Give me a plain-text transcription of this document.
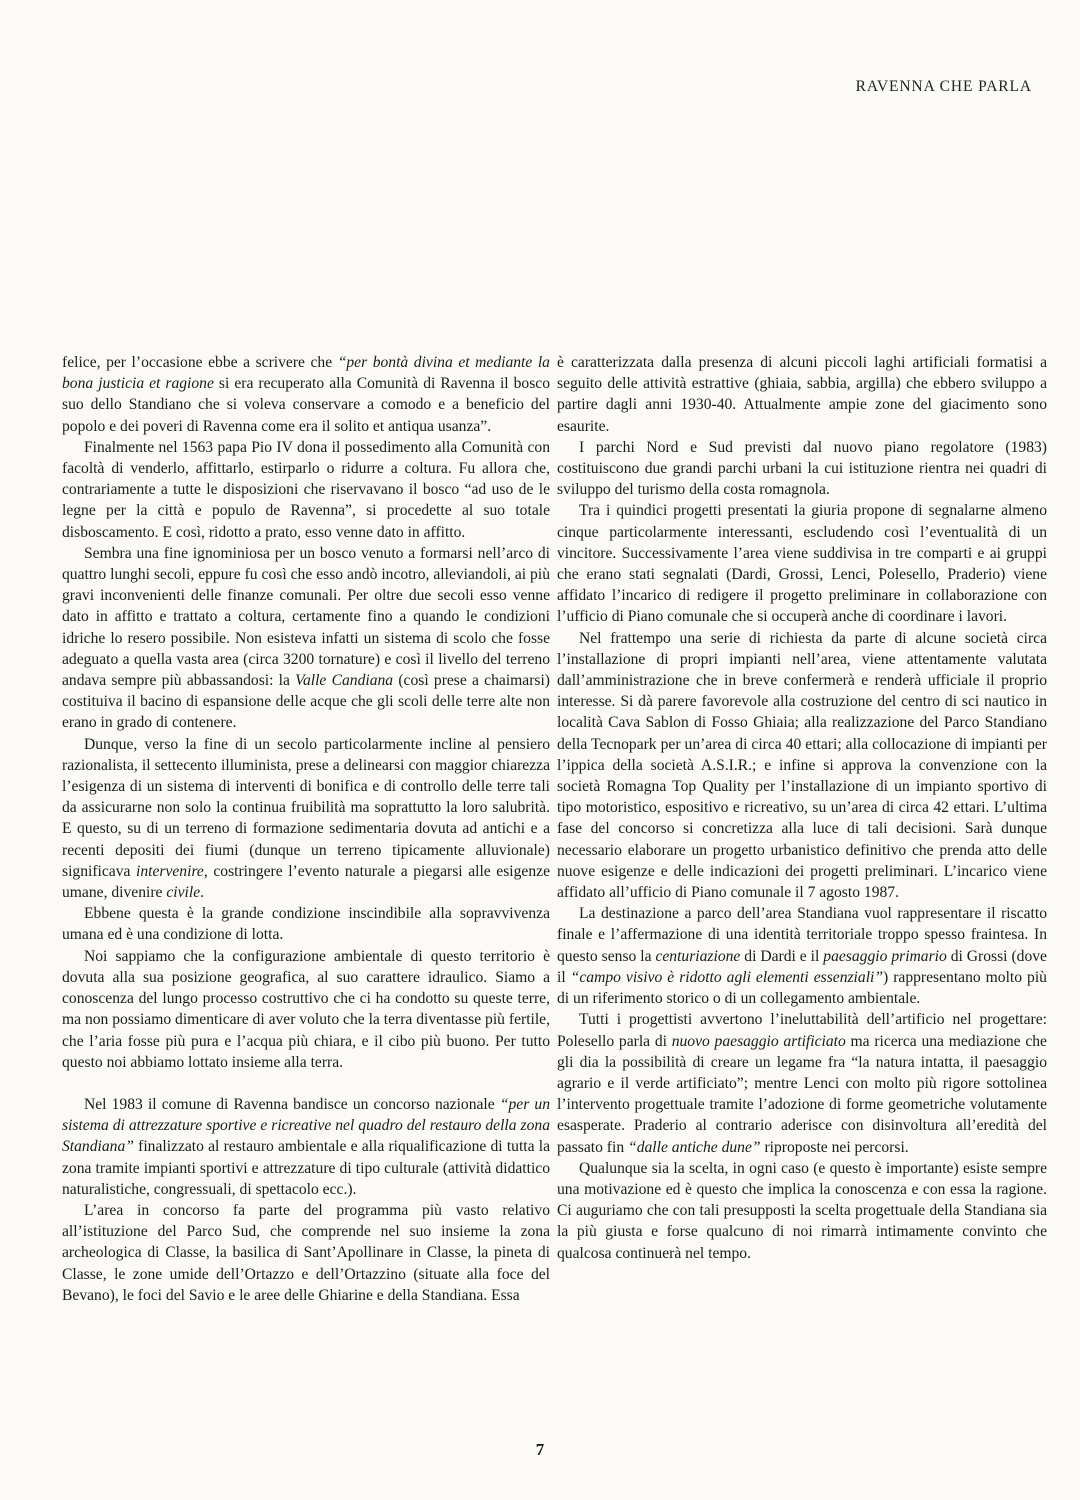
RAVENNA CHE PARLA

felice, per l’occasione ebbe a scrivere che “per bontà divina et mediante la bona justicia et ragione si era recuperato alla Comunità di Ravenna il bosco suo dello Standiano che si voleva conservare a comodo e a beneficio del popolo e dei poveri di Ravenna come era il solito et antiqua usanza”.

Finalmente nel 1563 papa Pio IV dona il possedimento alla Comunità con facoltà di venderlo, affittarlo, estirparlo o ridurre a coltura. Fu allora che, contrariamente a tutte le disposizioni che riservavano il bosco “ad uso de le legne per la città e populo de Ravenna”, si procedette al suo totale disboscamento. E così, ridotto a prato, esso venne dato in affitto.

Sembra una fine ignominiosa per un bosco venuto a formarsi nell’arco di quattro lunghi secoli, eppure fu così che esso andò incotro, alleviandoli, ai più gravi inconvenienti delle finanze comunali. Per oltre due secoli esso venne dato in affitto e trattato a coltura, certamente fino a quando le condizioni idriche lo resero possibile. Non esisteva infatti un sistema di scolo che fosse adeguato a quella vasta area (circa 3200 tornature) e così il livello del terreno andava sempre più abbassandosi: la Valle Candiana (così prese a chaimarsi) costituiva il bacino di espansione delle acque che gli scoli delle terre alte non erano in grado di contenere.

Dunque, verso la fine di un secolo particolarmente incline al pensiero razionalista, il settecento illuminista, prese a delinearsi con maggior chiarezza l’esigenza di un sistema di interventi di bonifica e di controllo delle terre tali da assicurarne non solo la continua fruibilità ma soprattutto la loro salubrità. E questo, su di un terreno di formazione sedimentaria dovuta ad antichi e a recenti depositi dei fiumi (dunque un terreno tipicamente alluvionale) significava intervenire, costringere l’evento naturale a piegarsi alle esigenze umane, divenire civile.

Ebbene questa è la grande condizione inscindibile alla sopravvivenza umana ed è una condizione di lotta.

Noi sappiamo che la configurazione ambientale di questo territorio è dovuta alla sua posizione geografica, al suo carattere idraulico. Siamo a conoscenza del lungo processo costruttivo che ci ha condotto su queste terre, ma non possiamo dimenticare di aver voluto che la terra diventasse più fertile, che l’aria fosse più pura e l’acqua più chiara, e il cibo più buono. Per tutto questo noi abbiamo lottato insieme alla terra.

Nel 1983 il comune di Ravenna bandisce un concorso nazionale “per un sistema di attrezzature sportive e ricreative nel quadro del restauro della zona Standiana” finalizzato al restauro ambientale e alla riqualificazione di tutta la zona tramite impianti sportivi e attrezzature di tipo culturale (attività didattico naturalistiche, congressuali, di spettacolo ecc.).

L’area in concorso fa parte del programma più vasto relativo all’istituzione del Parco Sud, che comprende nel suo insieme la zona archeologica di Classe, la basilica di Sant’Apollinare in Classe, la pineta di Classe, le zone umide dell’Ortazzo e dell’Ortazzino (situate alla foce del Bevano), le foci del Savio e le aree delle Ghiarine e della Standiana. Essa

è caratterizzata dalla presenza di alcuni piccoli laghi artificiali formatisi a seguito delle attività estrattive (ghiaia, sabbia, argilla) che ebbero sviluppo a partire dagli anni 1930-40. Attualmente ampie zone del giacimento sono esaurite.

I parchi Nord e Sud previsti dal nuovo piano regolatore (1983) costituiscono due grandi parchi urbani la cui istituzione rientra nei quadri di sviluppo del turismo della costa romagnola.

Tra i quindici progetti presentati la giuria propone di segnalarne almeno cinque particolarmente interessanti, escludendo così l’eventualità di un vincitore. Successivamente l’area viene suddivisa in tre comparti e ai gruppi che erano stati segnalati (Dardi, Grossi, Lenci, Polesello, Praderio) viene affidato l’incarico di redigere il progetto preliminare in collaborazione con l’ufficio di Piano comunale che si occuperà anche di coordinare i lavori.

Nel frattempo una serie di richiesta da parte di alcune società circa l’installazione di propri impianti nell’area, viene attentamente valutata dall’amministrazione che in breve confermerà e renderà ufficiale il proprio interesse. Si dà parere favorevole alla costruzione del centro di sci nautico in località Cava Sablon di Fosso Ghiaia; alla realizzazione del Parco Standiano della Tecnopark per un’area di circa 40 ettari; alla collocazione di impianti per l’ippica della società A.S.I.R.; e infine si approva la convenzione con la società Romagna Top Quality per l’installazione di un impianto sportivo di tipo motoristico, espositivo e ricreativo, su un’area di circa 42 ettari. L’ultima fase del concorso si concretizza alla luce di tali decisioni. Sarà dunque necessario elaborare un progetto urbanistico definitivo che prenda atto delle nuove esigenze e delle indicazioni dei progetti preliminari. L’incarico viene affidato all’ufficio di Piano comunale il 7 agosto 1987.

La destinazione a parco dell’area Standiana vuol rappresentare il riscatto finale e l’affermazione di una identità territoriale troppo spesso fraintesa. In questo senso la centuriazione di Dardi e il paesaggio primario di Grossi (dove il “campo visivo è ridotto agli elementi essenziali”) rappresentano molto più di un riferimento storico o di un collegamento ambientale.

Tutti i progettisti avvertono l’ineluttabilità dell’artificio nel progettare: Polesello parla di nuovo paesaggio artificiato ma ricerca una mediazione che gli dia la possibilità di creare un legame fra “la natura intatta, il paesaggio agrario e il verde artificiato”; mentre Lenci con molto più rigore sottolinea l’intervento progettuale tramite l’adozione di forme geometriche volutamente esasperate. Praderio al contrario aderisce con disinvoltura all’eredità del passato fin “dalle antiche dune” riproposte nei percorsi.

Qualunque sia la scelta, in ogni caso (e questo è importante) esiste sempre una motivazione ed è questo che implica la conoscenza e con essa la ragione. Ci auguriamo che con tali presupposti la scelta progettuale della Standiana sia la più giusta e forse qualcuno di noi rimarrà intimamente convinto che qualcosa continuerà nel tempo.

7
